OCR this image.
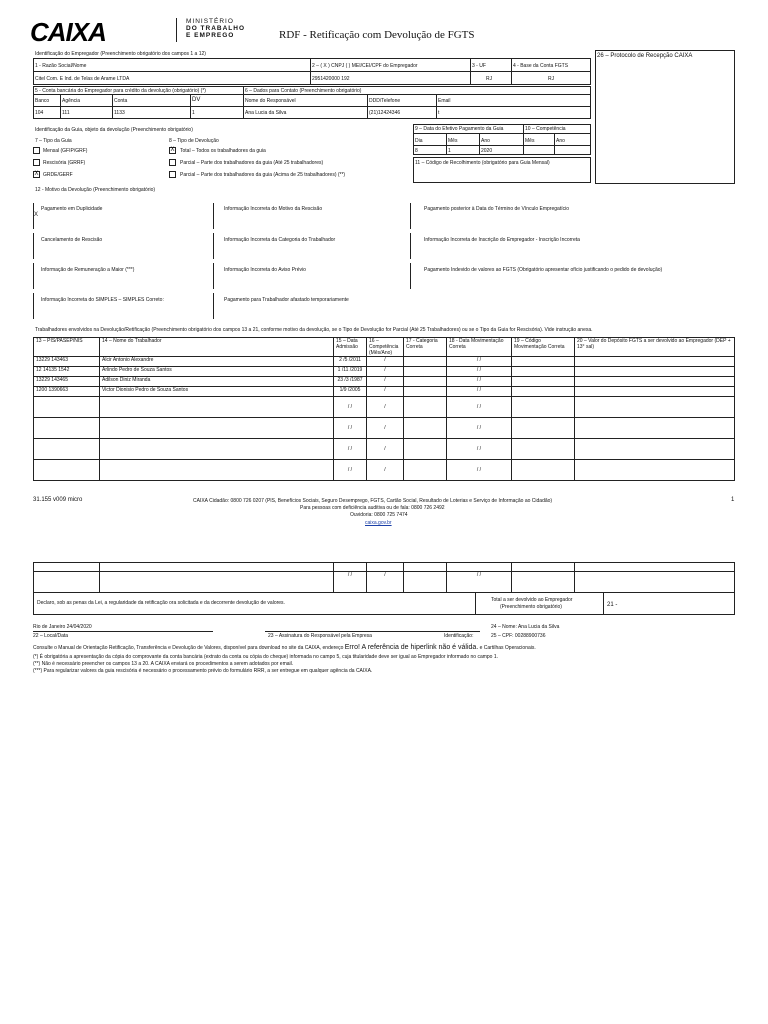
CAIXA	MINISTÉRIO
DO TRABALHO
E EMPREGO	RDF - Retificação com Devolução de FGTS
Identificação do Empregador (Preenchimento obrigatório dos campos 1 a 12)
1 - Razão Social/Nome
Citel Com. E Ind. de Telas de Arame LTDA
2 – ( X ) CNPJ ( ) MEI/CEI/CPF do Empregador
2951420000 192
3 - UF
RJ
4 - Base da Conta FGTS
RJ
26 – Protocolo de Recepção CAIXA
5 - Conta bancária do Empregador para crédito da devolução (obrigatório) (*)	6 – Dados para Contato (Preenchimento obrigatório)
Banco	Agência	Conta	DV
104	111	1133	1
Nome do Responsável	DDD/Telefone	Email
Ana Lucia da Silva	(21)12424346	t
Identificação da Guia, objeto da devolução (Preenchimento obrigatório)
7 – Tipo da Guia	8 – Tipo de Devolução
Mensal (GFIP/GRF)
Rescisória (GRRF)
X GRDE/GERF
X	Total – Todos os trabalhadores da guia
Parcial – Parte dos trabalhadores da guia (Até 25 trabalhadores)
Parcial – Parte dos trabalhadores da guia (Acima de 25 trabalhadores) (**)
9 – Data do Efetivo Pagamento da Guia	10 – Competência
Dia	Mês	Ano	Mês	Ano
8	1	2020
11 – Código de Recolhimento (obrigatório para Guia Mensal)
12 - Motivo da Devolução (Preenchimento obrigatório)
X
Pagamento em Duplicidade	Informação Incorreta do Motivo da Rescisão	Pagamento posterior à Data do Término de Vínculo Empregatício
Cancelamento de Rescisão	Informação Incorreta da Categoria do Trabalhador	Informação Incorreta de Inscrição do Empregador - Inscrição Incorreta
Informação de Remuneração a Maior (***)	Informação Incorreta do Aviso Prévio	Pagamento Indevido de valores ao FGTS (Obrigatório apresentar ofício justificando o pedido de devolução)
Informação Incorreta do SIMPLES – SIMPLES Correto:	Pagamento para Trabalhador afastado temporariamente
Trabalhadores envolvidos na Devolução/Retificação (Preenchimento obrigatório dos campos 13 a 21, conforme motivo da devolução, se o Tipo de Devolução for Parcial (Até 25 Trabalhadores) ou se o Tipo da Guia for Rescisória). Vide instrução anexa.
13 – PIS/PASEP/NIS	14 – Nome do Trabalhador	15 – Data Admissão	16 – Competência (Mês/Ano)	17 - Categoria Correta	18 - Data Movimentação Correta	19 – Código Movimentação Correta	20 – Valor do Depósito FGTS a ser devolvido ao Empregador (DEP + 13° sal)
13229 143463	Alcir Antonio Alexandre	2 /5 /2011	/		/ /		
12 14135 1542	Arlindo Pedro de Souza Santos	1 /11 /2019	/		/ /		
13229 143465	Adilson Diniz Miranda	23 /3 /1987	/		/ /		
1200 1390663	Victor Dionisio Pedro de Souza Santos	1/9 /2005	/		/ /		
		/ /	/		/ /		
		/ /	/		/ /		
		/ /	/		/ /		
		/ /	/		/ /		
31.155 v009 micro	CAIXA Cidadão: 0800 726 0207 (PIS, Benefícios Sociais, Seguro Desemprego, FGTS, Cartão Social, Resultado de Loterias e Serviço de Informação ao Cidadão)
Para pessoas com deficiência auditiva ou de fala: 0800 726 2492
Ouvidoria: 0800 725 7474
caixa.gov.br
1

		/ /	/		/ /		
Declaro, sob as penas da Lei, a regularidade da retificação ora solicitada e da decorrente devolução de valores.	Total a ser devolvido ao Empregador
(Preenchimento obrigatório)	21 -
Rio de Janeiro 24/04/2020
22 – Local/Data	23 – Assinatura do Responsável pela Empresa	Identificação:
24 – Nome: Ana Lucia da Silva
25 – CPF: 00288900736
Consulte o Manual de Orientação Retificação, Transferência e Devolução de Valores, disponível para download no site da CAIXA, endereço Erro! A referência de hiperlink não é válida. e Cartilhas Operacionais.
(*) É obrigatória a apresentação da cópia do comprovante da conta bancária (extrato da conta ou cópia do cheque) informada no campo 5, cuja titularidade deve ser igual ao Empregador informado no campo 1.
(**) Não é necessário preencher os campos 13 a 20. A CAIXA enviará os procedimentos a serem adotados por email.
(***) Para regularizar valores da guia rescisória é necessário o processamento prévio do formulário RRR, a ser entregue em qualquer agência da CAIXA.
